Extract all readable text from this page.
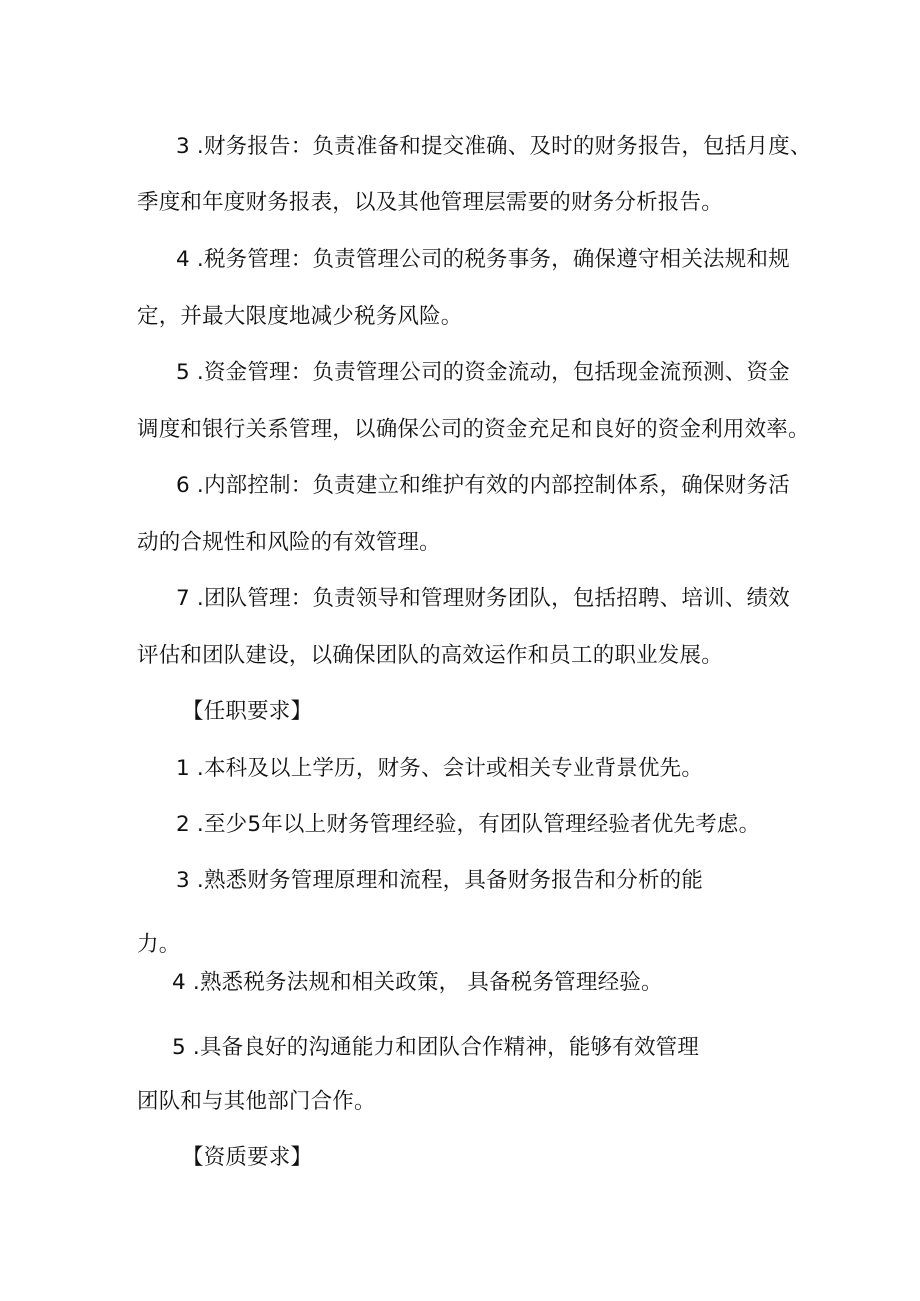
3 .财务报告：负责准备和提交准确、及时的财务报告，包括月度、
季度和年度财务报表，以及其他管理层需要的财务分析报告。
4 .税务管理：负责管理公司的税务事务，确保遵守相关法规和规
定，并最大限度地减少税务风险。
5 .资金管理：负责管理公司的资金流动，包括现金流预测、资金
调度和银行关系管理，以确保公司的资金充足和良好的资金利用效率。
6 .内部控制：负责建立和维护有效的内部控制体系，确保财务活
动的合规性和风险的有效管理。
7 .团队管理：负责领导和管理财务团队，包括招聘、培训、绩效
评估和团队建设，以确保团队的高效运作和员工的职业发展。
【任职要求】
1 .本科及以上学历，财务、会计或相关专业背景优先。
2 .至少5年以上财务管理经验，有团队管理经验者优先考虑。
3 .熟悉财务管理原理和流程，具备财务报告和分析的能
力。
4 .熟悉税务法规和相关政策， 具备税务管理经验。
5 .具备良好的沟通能力和团队合作精神，能够有效管理
团队和与其他部门合作。
【资质要求】
